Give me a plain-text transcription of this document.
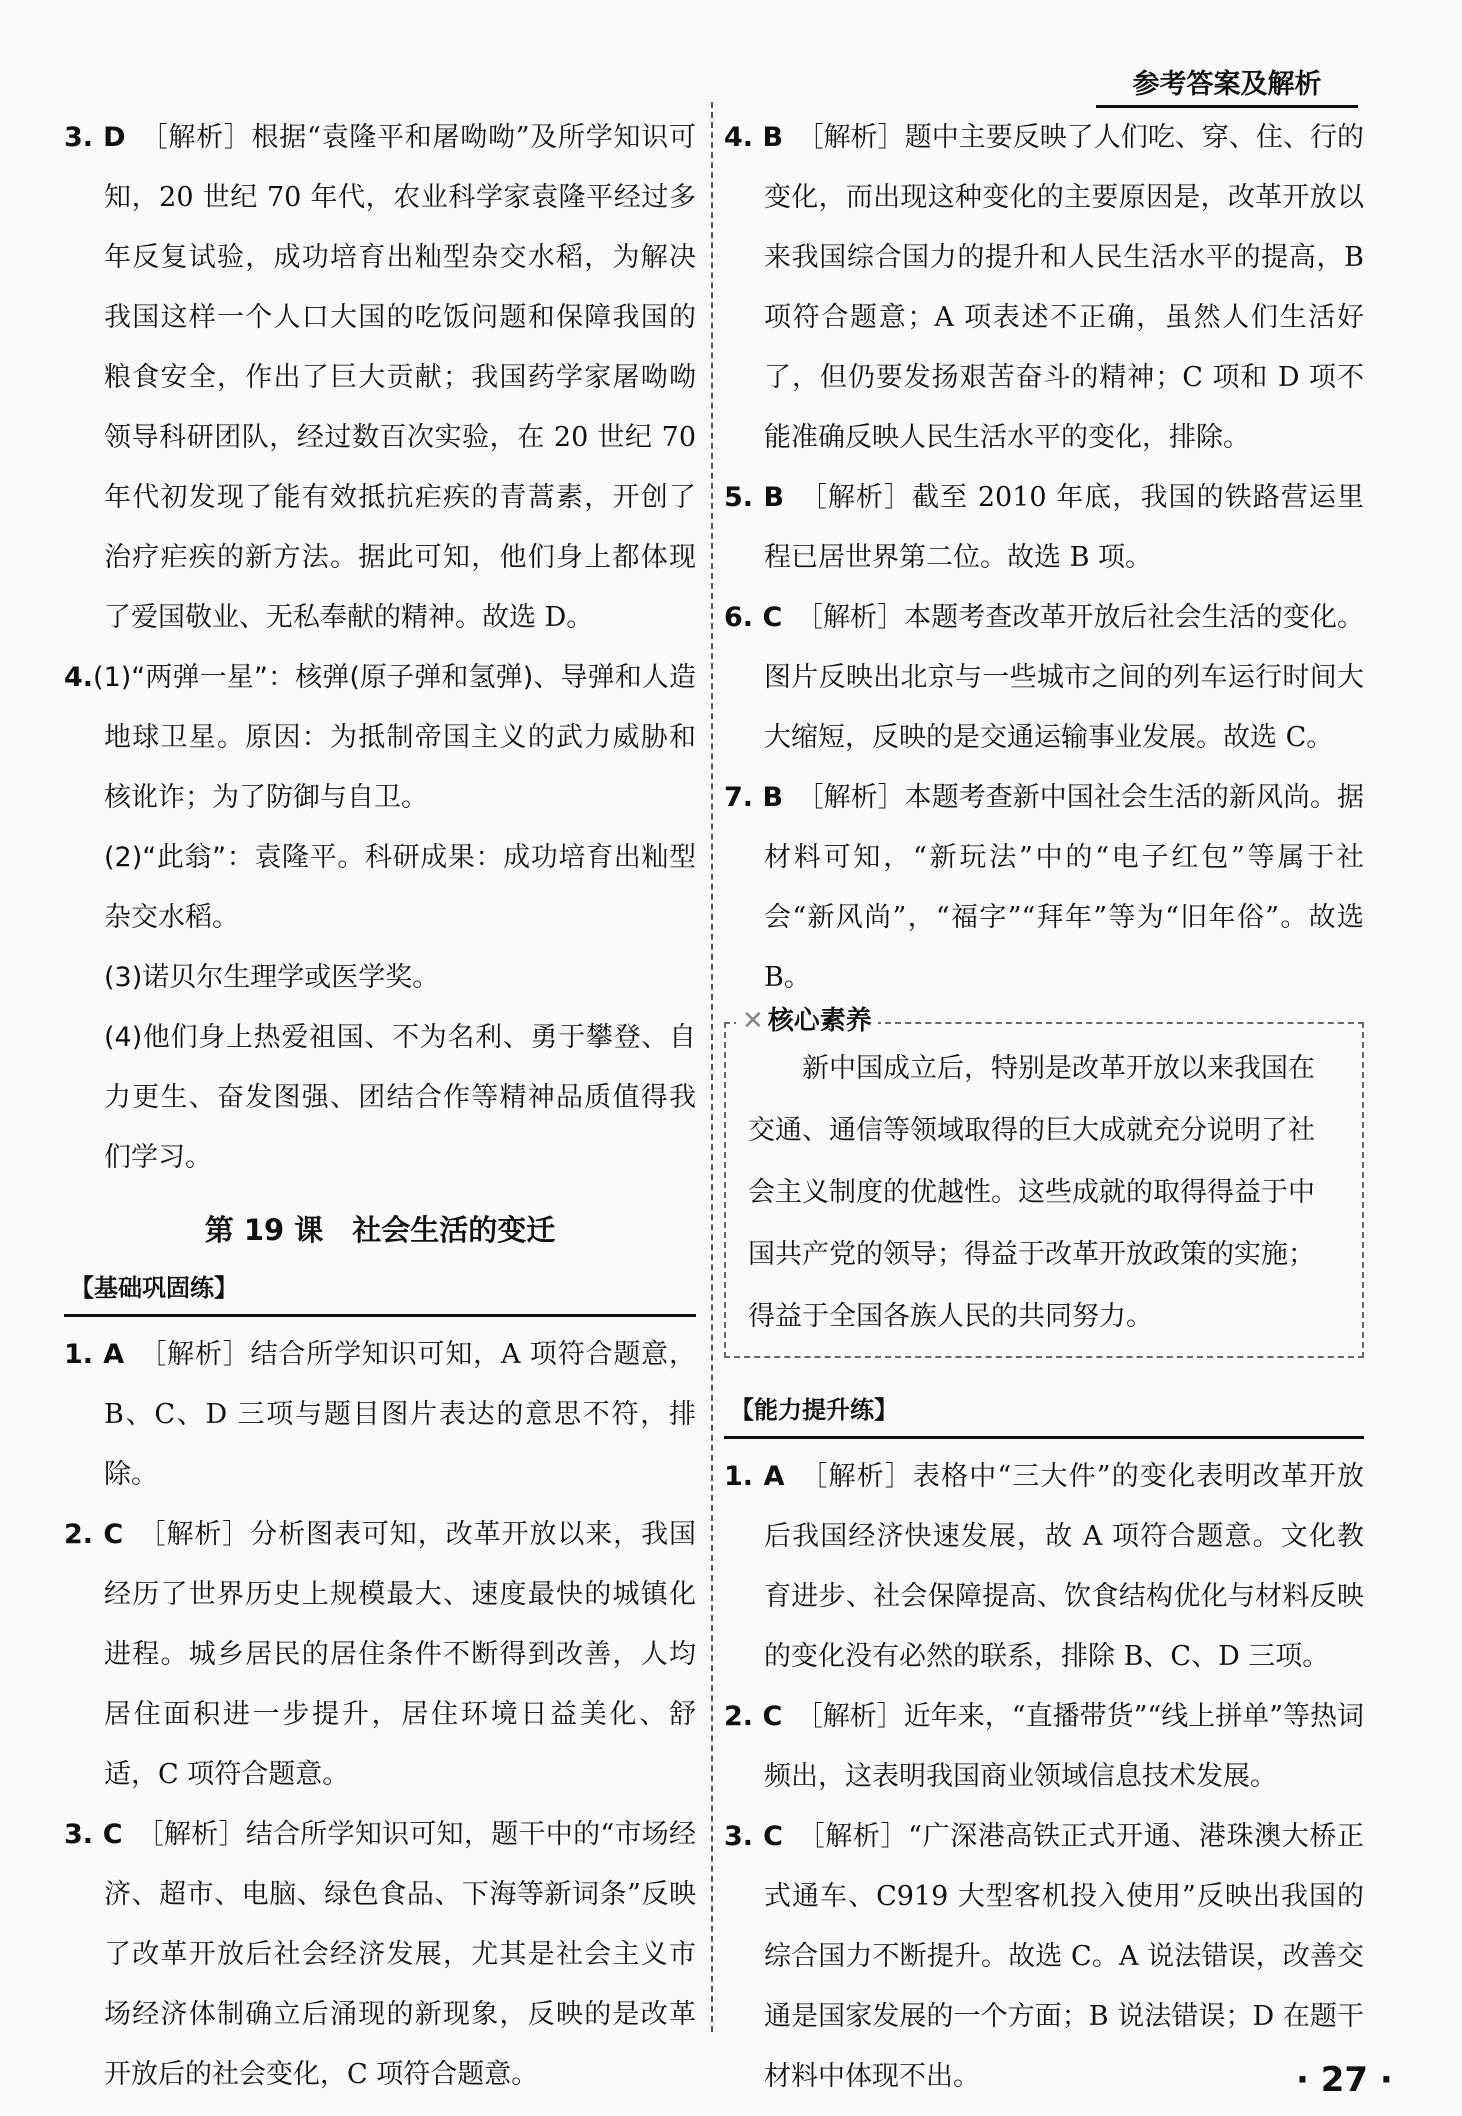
参考答案及解析

3. D　 ［解析］根据“袁隆平和屠呦呦”及所学知识可知，20 世纪 70 年代，农业科学家袁隆平经过多年反复试验，成功培育出籼型杂交水稻，为解决我国这样一个人口大国的吃饭问题和保障我国的粮食安全，作出了巨大贡献；我国药学家屠呦呦领导科研团队，经过数百次实验，在 20 世纪 70 年代初发现了能有效抵抗疟疾的青蒿素，开创了治疗疟疾的新方法。据此可知，他们身上都体现了爱国敬业、无私奉献的精神。故选 D。

4.(1)“两弹一星”：核弹(原子弹和氢弹)、导弹和人造地球卫星。原因：为抵制帝国主义的武力威胁和核讹诈；为了防御与自卫。

(2)“此翁”：袁隆平。科研成果：成功培育出籼型杂交水稻。

(3)诺贝尔生理学或医学奖。

(4)他们身上热爱祖国、不为名利、勇于攀登、自力更生、奋发图强、团结合作等精神品质值得我们学习。

第 19 课　社会生活的变迁
【基础巩固练】

1. A　 ［解析］结合所学知识可知，A 项符合题意，B、C、D 三项与题目图片表达的意思不符，排除。

2. C　 ［解析］分析图表可知，改革开放以来，我国经历了世界历史上规模最大、速度最快的城镇化进程。城乡居民的居住条件不断得到改善，人均居住面积进一步提升，居住环境日益美化、舒适，C 项符合题意。

3. C　 ［解析］结合所学知识可知，题干中的“市场经济、超市、电脑、绿色食品、下海等新词条”反映了改革开放后社会经济发展，尤其是社会主义市场经济体制确立后涌现的新现象，反映的是改革开放后的社会变化，C 项符合题意。

4. B　 ［解析］题中主要反映了人们吃、穿、住、行的变化，而出现这种变化的主要原因是，改革开放以来我国综合国力的提升和人民生活水平的提高，B 项符合题意；A 项表述不正确，虽然人们生活好了，但仍要发扬艰苦奋斗的精神；C 项和 D 项不能准确反映人民生活水平的变化，排除。

5. B　 ［解析］截至 2010 年底，我国的铁路营运里程已居世界第二位。故选 B 项。

6. C　 ［解析］本题考查改革开放后社会生活的变化。图片反映出北京与一些城市之间的列车运行时间大大缩短，反映的是交通运输事业发展。故选 C。

7. B　 ［解析］本题考查新中国社会生活的新风尚。据材料可知，“新玩法”中的“电子红包”等属于社会“新风尚”，“福字”“拜年”等为“旧年俗”。故选 B。

✕ 核心素养

新中国成立后，特别是改革开放以来我国在交通、通信等领域取得的巨大成就充分说明了社会主义制度的优越性。这些成就的取得得益于中国共产党的领导；得益于改革开放政策的实施；得益于全国各族人民的共同努力。

【能力提升练】

1. A　 ［解析］表格中“三大件”的变化表明改革开放后我国经济快速发展，故 A 项符合题意。文化教育进步、社会保障提高、饮食结构优化与材料反映的变化没有必然的联系，排除 B、C、D 三项。

2. C　 ［解析］近年来，“直播带货”“线上拼单”等热词频出，这表明我国商业领域信息技术发展。

3. C　 ［解析］“广深港高铁正式开通、港珠澳大桥正式通车、C919 大型客机投入使用”反映出我国的综合国力不断提升。故选 C。A 说法错误，改善交通是国家发展的一个方面；B 说法错误；D 在题干材料中体现不出。	· 27 ·
